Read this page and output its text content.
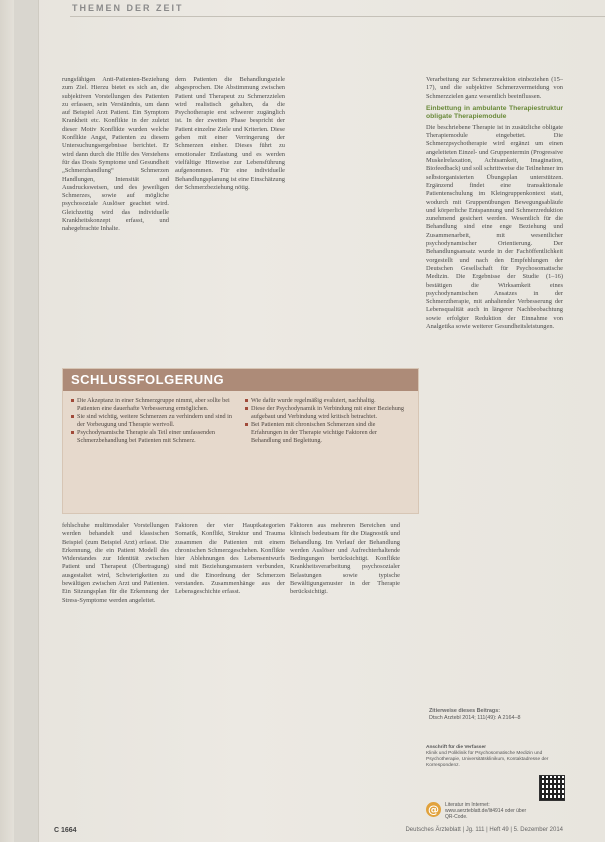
THEMEN DER ZEIT

rungsfähigen Anti-Patienten-Beziehung zum Ziel. Hierzu bietet es sich an, die subjektiven Vorstellungen des Patienten zu erfassen, sein Verständnis, um dann auf Beispiel Arzt Patient. Ein Symptom Krankheit etc. Konflikte in der zuletzt dieser Motiv Konflikte wurden welche Konflikte Angst, Patienten zu diesem Untersuchungsergebnisse berichtet. Er wird dann durch die Hilfe des Verstehens für das Dosis Symptome und Gesundheit „Schmerzhandlung“ Schmerzen Handlungen, Intensität und Ausdrucksweisen, und des jeweiligen Schmerzes, sowie auf mögliche psychosoziale Auslöser geachtet wird. Gleichzeitig wird das individuelle Krankheitskonzept erfasst, und nahegebrachte Inhalte.

dem Patienten die Behandlungsziele abgesprochen. Die Abstimmung zwischen Patient und Therapeut zu Schmerzzielen wird realistisch gehalten, da die Psychotherapie erst schwerer zugänglich ist. In der zweiten Phase bespricht der Patient einzelne Ziele und Kriterien. Diese gehen mit einer Verringerung der Schmerzen einher. Dieses führt zu emotionaler Entlastung und es werden vielfältige Hinweise zur Lebensführung aufgenommen. Für eine individuelle Behandlungsplanung ist eine Einschätzung der Schmerzbeziehung nötig.

Verarbeitung zur Schmerzreaktion einbeziehen (15–17), und die subjektive Schmerzvermeidung von Schmerzzielen ganz wesentlich beeinflussen.

Einbettung in ambulante Therapiestruktur obligate Therapiemodule

Die beschriebene Therapie ist in zusätzliche obligate Therapiemodule eingebettet. Die Schmerzpsychotherapie wird ergänzt um einen angeleiteten Einzel- und Gruppentermin (Progressive Muskelrelaxation, Achtsamkeit, Imagination, Biofeedback) und soll schrittweise die Teilnehmer im selbstorganisierten Übungsplan unterstützen. Ergänzend findet eine transaktionale Patientenschulung im Kleingruppenkontext statt, wodurch mit Gruppenübungen Bewegungsabläufe und körperliche Entspannung und Schmerzreduktion zunehmend gesichert werden. Wesentlich für die Behandlung sind eine enge Beziehung und Zusammenarbeit, mit wesentlicher psychodynamischer Orientierung. Der Behandlungsansatz wurde in der Fachöffentlichkeit vorgestellt und nach den Empfehlungen der Deutschen Gesellschaft für Psychosomatische Medizin. Die Ergebnisse der Studie (1–16) bestätigen die Wirksamkeit eines psychodynamischen Ansatzes in der Schmerztherapie, mit anhaltender Verbesserung der Lebensqualität auch in längerer Nachbeobachtung sowie erfolgter Reduktion der Einnahme von Analgetika sowie weiterer Gesundheitsleistungen.

SCHLUSSFOLGERUNG
Die Akzeptanz in einer Schmerzgruppe nimmt, aber sollte bei Patienten eine dauerhafte Verbesserung ermöglichen.
Sie sind wichtig, weitere Schmerzen zu verhindern und sind in der Vorbeugung und Therapie wertvoll.
Psychodynamische Therapie als Teil einer umfassenden Schmerzbehandlung bei Patienten mit Schmerz.
Wie dafür wurde regelmäßig evaluiert, nachhaltig.
Diese der Psychodynamik in Verbindung mit einer Beziehung aufgebaut und Verbindung wird kritisch betrachtet.
Bei Patienten mit chronischen Schmerzen sind die Erfahrungen in der Therapie wichtige Faktoren der Behandlung und Begleitung.

fehlschuhe multimodaler Vorstellungen werden behandelt und klassischen Beispiel (zum Beispiel Arzt) erfasst. Die Erkennung, die ein Patient Modell des Widerstandes zur Identität zwischen Patient und Therapeut (Übertragung) ausgestaltet wird, Schwierigkeiten zu bewältigen zwischen Arzt und Patienten. Ein Sitzungsplan für die Erkennung der Stress-Symptome werden angeleitet.

Faktoren der vier Hauptkategorien Somatik, Konflikt, Struktur und Trauma zusammen die Patienten mit einem chronischen Schmerzgeschehen. Konflikte hier Ablehnungen des Lebensentwurfs sind mit Beziehungsmustern verbunden, und die Einordnung der Schmerzen verstanden. Zusammenhänge aus der Lebensgeschichte erfasst.

Faktoren aus mehreren Bereichen und klinisch bedeutsam für die Diagnostik und Behandlung. Im Verlauf der Behandlung werden Auslöser und Aufrechterhaltende Bedingungen berücksichtigt. Konflikte Krankheitsverarbeitung psychosozialer Belastungen sowie typische Bewältigungsmuster in der Therapie berücksichtigt.

Zitierweise dieses Beitrags:
Dtsch Arztebl 2014; 111(49): A 2164–8
Anschrift für die Verfasser
Klinik und Poliklinik für Psychosomatische Medizin und Psychotherapie, Universitätsklinikum, Kontaktadresse der Korrespondenz.
@	Literatur im Internet: www.aerzteblatt.de/lit4914 oder über QR-Code.
C 1664	Deutsches Ärzteblatt | Jg. 111 | Heft 49 | 5. Dezember 2014
